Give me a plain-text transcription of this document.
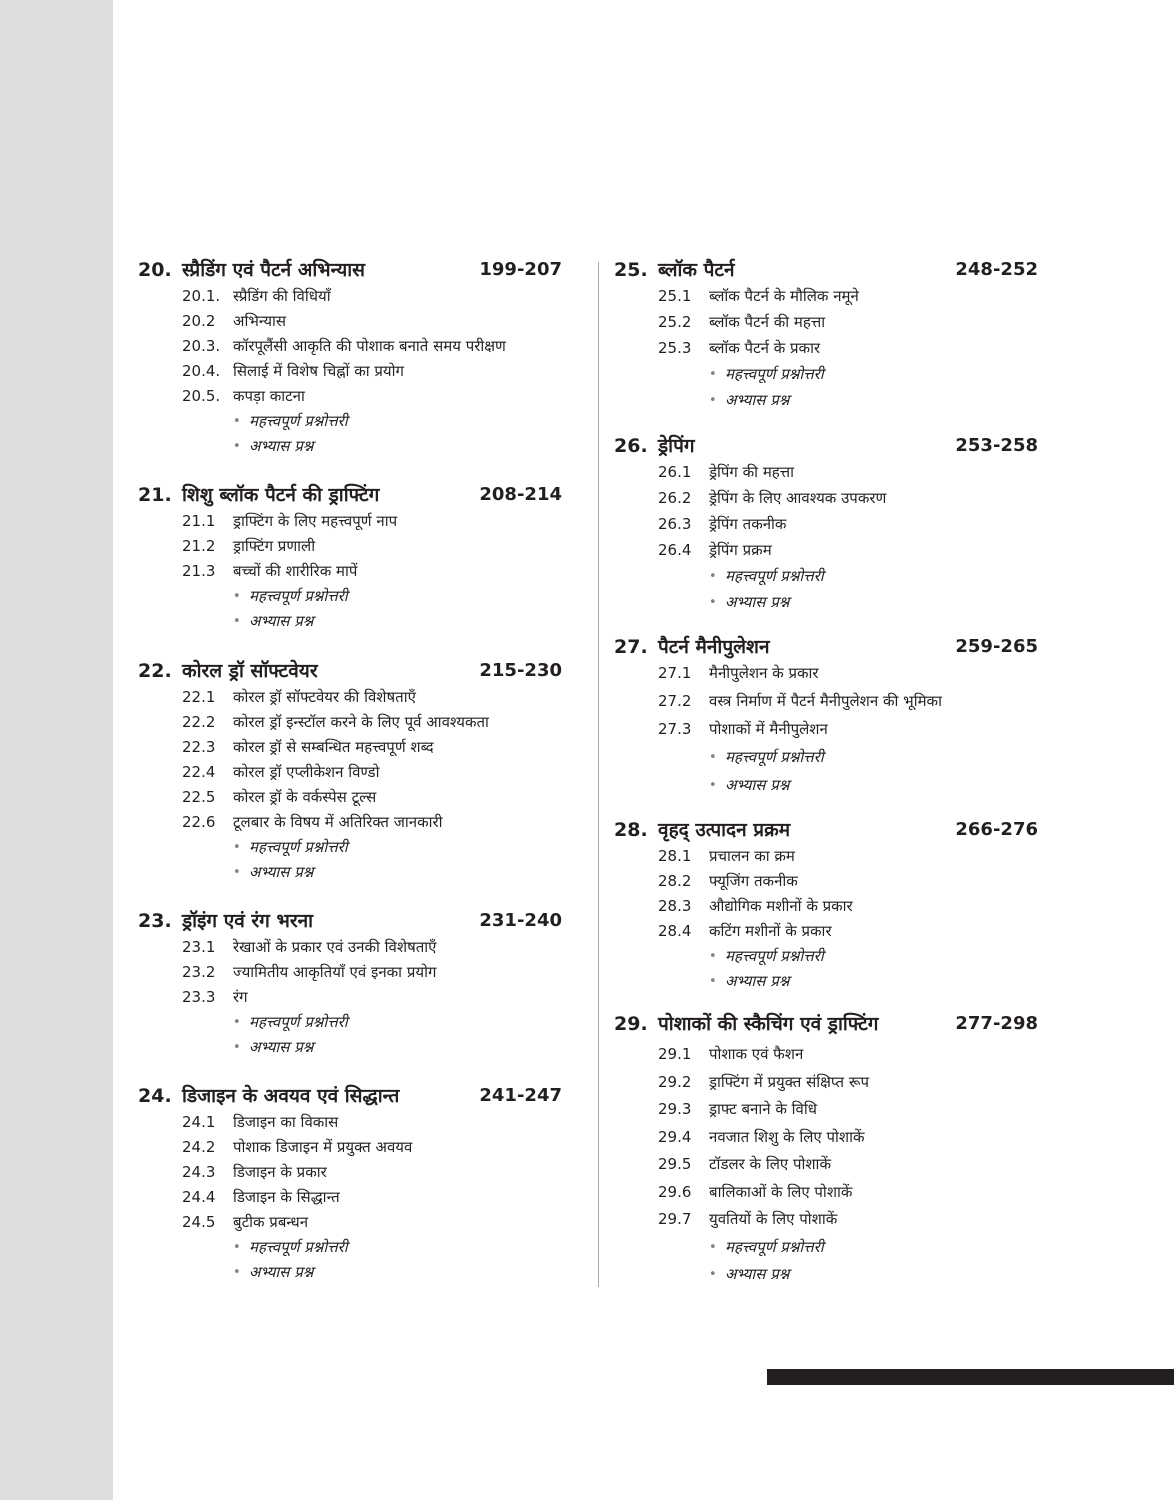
20. स्प्रैडिंग एवं पैटर्न अभिन्यास	199-207
20.1. स्प्रैडिंग की विधियाँ
20.2 अभिन्यास
20.3. कॉरपूलैंसी आकृति की पोशाक बनाते समय परीक्षण
20.4. सिलाई में विशेष चिह्नों का प्रयोग
20.5. कपड़ा काटना
• महत्त्वपूर्ण प्रश्नोत्तरी
• अभ्यास प्रश्न
21. शिशु ब्लॉक पैटर्न की ड्राफ्टिंग	208-214
21.1 ड्राफ्टिंग के लिए महत्त्वपूर्ण नाप
21.2 ड्राफ्टिंग प्रणाली
21.3 बच्चों की शारीरिक मापें
• महत्त्वपूर्ण प्रश्नोत्तरी
• अभ्यास प्रश्न
22. कोरल ड्रॉ सॉफ्टवेयर	215-230
22.1 कोरल ड्रॉ सॉफ्टवेयर की विशेषताएँ
22.2 कोरल ड्रॉ इन्स्टॉल करने के लिए पूर्व आवश्यकता
22.3 कोरल ड्रॉ से सम्बन्धित महत्त्वपूर्ण शब्द
22.4 कोरल ड्रॉ एप्लीकेशन विण्डो
22.5 कोरल ड्रॉ के वर्कस्पेस टूल्स
22.6 टूलबार के विषय में अतिरिक्त जानकारी
• महत्त्वपूर्ण प्रश्नोत्तरी
• अभ्यास प्रश्न
23. ड्रॉइंग एवं रंग भरना	231-240
23.1 रेखाओं के प्रकार एवं उनकी विशेषताएँ
23.2 ज्यामितीय आकृतियाँ एवं इनका प्रयोग
23.3 रंग
• महत्त्वपूर्ण प्रश्नोत्तरी
• अभ्यास प्रश्न
24. डिजाइन के अवयव एवं सिद्धान्त	241-247
24.1 डिजाइन का विकास
24.2 पोशाक डिजाइन में प्रयुक्त अवयव
24.3 डिजाइन के प्रकार
24.4 डिजाइन के सिद्धान्त
24.5 बुटीक प्रबन्धन
• महत्त्वपूर्ण प्रश्नोत्तरी
• अभ्यास प्रश्न
25. ब्लॉक पैटर्न	248-252
25.1 ब्लॉक पैटर्न के मौलिक नमूने
25.2 ब्लॉक पैटर्न की महत्ता
25.3 ब्लॉक पैटर्न के प्रकार
• महत्त्वपूर्ण प्रश्नोत्तरी
• अभ्यास प्रश्न
26. ड्रेपिंग	253-258
26.1 ड्रेपिंग की महत्ता
26.2 ड्रेपिंग के लिए आवश्यक उपकरण
26.3 ड्रेपिंग तकनीक
26.4 ड्रेपिंग प्रक्रम
• महत्त्वपूर्ण प्रश्नोत्तरी
• अभ्यास प्रश्न
27. पैटर्न मैनीपुलेशन	259-265
27.1 मैनीपुलेशन के प्रकार
27.2 वस्त्र निर्माण में पैटर्न मैनीपुलेशन की भूमिका
27.3 पोशाकों में मैनीपुलेशन
• महत्त्वपूर्ण प्रश्नोत्तरी
• अभ्यास प्रश्न
28. वृहद् उत्पादन प्रक्रम	266-276
28.1 प्रचालन का क्रम
28.2 फ्यूजिंग तकनीक
28.3 औद्योगिक मशीनों के प्रकार
28.4 कटिंग मशीनों के प्रकार
• महत्त्वपूर्ण प्रश्नोत्तरी
• अभ्यास प्रश्न
29. पोशाकों की स्कैचिंग एवं ड्राफ्टिंग	277-298
29.1 पोशाक एवं फैशन
29.2 ड्राफ्टिंग में प्रयुक्त संक्षिप्त रूप
29.3 ड्राफ्ट बनाने के विधि
29.4 नवजात शिशु के लिए पोशाकें
29.5 टॉडलर के लिए पोशाकें
29.6 बालिकाओं के लिए पोशाकें
29.7 युवतियों के लिए पोशाकें
• महत्त्वपूर्ण प्रश्नोत्तरी
• अभ्यास प्रश्न
